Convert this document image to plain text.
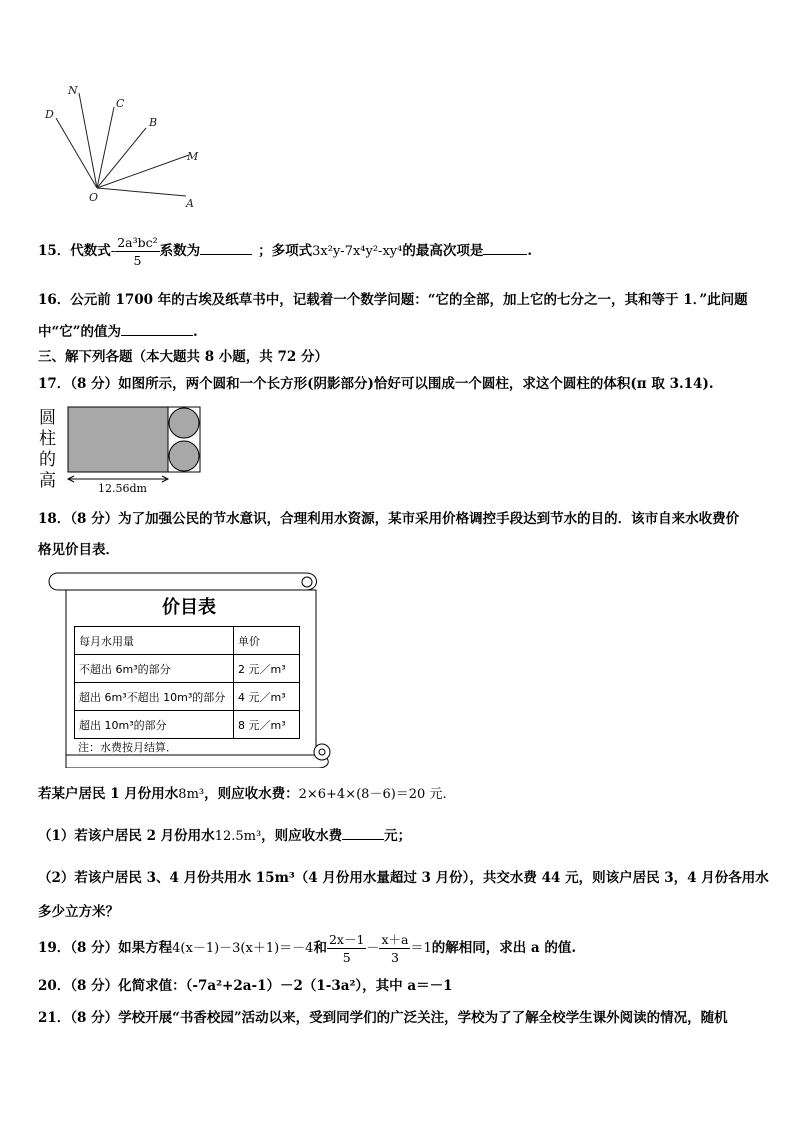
N
C
D
B
M
O	A
15．代数式- $\frac{\text{2a³bc²}}{5}$ 系数为	；多项式3x²y-7x⁴y²-xy⁴的最高次项是	.
16．公元前 1700 年的古埃及纸草书中，记载着一个数学问题：“它的全部，加上它的七分之一，其和等于 1．”此问题
中“它”的值为	.
三、解下列各题（本大题共 8 小题，共 72 分）
17．（8 分）如图所示，两个圆和一个长方形(阴影部分)恰好可以围成一个圆柱，求这个圆柱的体积(π 取 3.14).
圆
柱
的
高	12.56dm
18．（8 分）为了加强公民的节水意识，合理利用水资源，某市采用价格调控手段达到节水的目的．该市自来水收费价
格见价目表．
价目表
每月水用量	单价
不超出 6m³的部分	2 元／m³
超出 6m³不超出 10m³的部分	4 元／m³
超出 10m³的部分	8 元／m³
注：水费按月结算．
若某户居民 1 月份用水8m³，则应收水费：2×6+4×(8－6)＝20 元.
（1）若该户居民 2 月份用水12.5m³，则应收水费	元；
（2）若该户居民 3、4 月份共用水 15m³（4 月份用水量超过 3 月份），共交水费 44 元，则该户居民 3，4 月份各用水
多少立方米？
19．（8 分）如果方程4(x－1)－3(x＋1)＝－4和 $\frac{2x-1}{5} - \frac{x+a}{3} =1$的解相同，求出 a 的值.
20．（8 分）化简求值：（-7a²+2a-1）－2（1-3a²），其中 a＝－1
21．（8 分）学校开展“书香校园”活动以来，受到同学们的广泛关注，学校为了了解全校学生课外阅读的情况，随机
